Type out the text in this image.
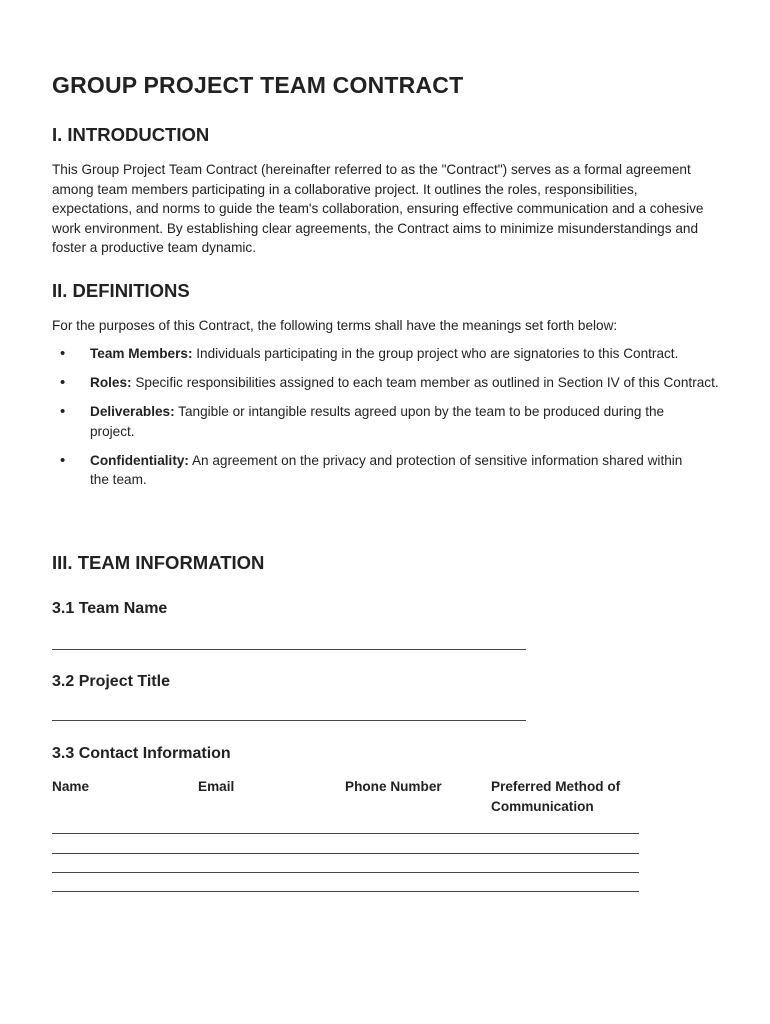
GROUP PROJECT TEAM CONTRACT
I. INTRODUCTION

This Group Project Team Contract (hereinafter referred to as the "Contract") serves as a formal agreement among team members participating in a collaborative project. It outlines the roles, responsibilities, expectations, and norms to guide the team's collaboration, ensuring effective communication and a cohesive work environment. By establishing clear agreements, the Contract aims to minimize misunderstandings and foster a productive team dynamic.

II. DEFINITIONS

For the purposes of this Contract, the following terms shall have the meanings set forth below:

• Team Members: Individuals participating in the group project who are signatories to this Contract.
• Roles: Specific responsibilities assigned to each team member as outlined in Section IV of this Contract.
• Deliverables: Tangible or intangible results agreed upon by the team to be produced during the project.
• Confidentiality: An agreement on the privacy and protection of sensitive information shared within the team.
III. TEAM INFORMATION
3.1 Team Name
3.2 Project Title
3.3 Contact Information
Name	Email	Phone Number	Preferred Method of Communication
